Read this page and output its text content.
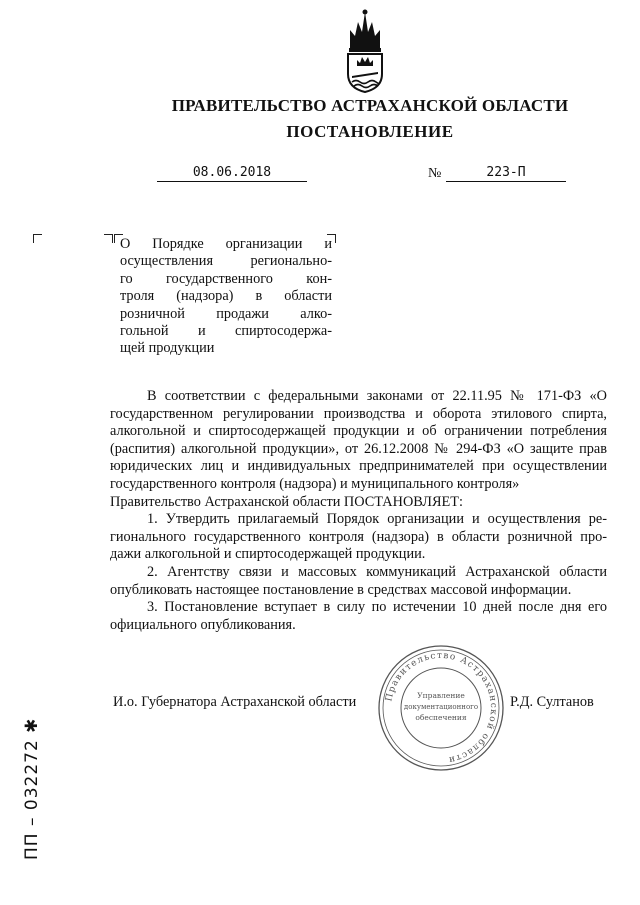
ПРАВИТЕЛЬСТВО АСТРАХАНСКОЙ ОБЛАСТИ
ПОСТАНОВЛЕНИЕ
08.06.2018	№	223-П
О Порядке организации и
осуществления регионально-
го государственного кон-
троля (надзора) в области
розничной продажи алко-
гольной и спиртосодержа-
щей продукции
В соответствии с федеральными законами от 22.11.95 № 171-ФЗ «О
государственном регулировании производства и оборота этилового спирта,
алкогольной и спиртосодержащей продукции и об ограничении потребления
(распития) алкогольной продукции», от 26.12.2008 № 294-ФЗ «О защите прав
юридических лиц и индивидуальных предпринимателей при осуществлении
государственного контроля (надзора) и муниципального контроля»
Правительство Астраханской области ПОСТАНОВЛЯЕТ:
1. Утвердить прилагаемый Порядок организации и осуществления ре-
гионального государственного контроля (надзора) в области розничной про-
дажи алкогольной и спиртосодержащей продукции.
2. Агентству связи и массовых коммуникаций Астраханской области
опубликовать настоящее постановление в средствах массовой информации.
3. Постановление вступает в силу по истечении 10 дней после дня его
официального опубликования.
И.о. Губернатора Астраханской области	Правительство Астраханской области
Управление
документационного
обеспечения
Р.Д. Султанов
ПП – 032272 ✱
